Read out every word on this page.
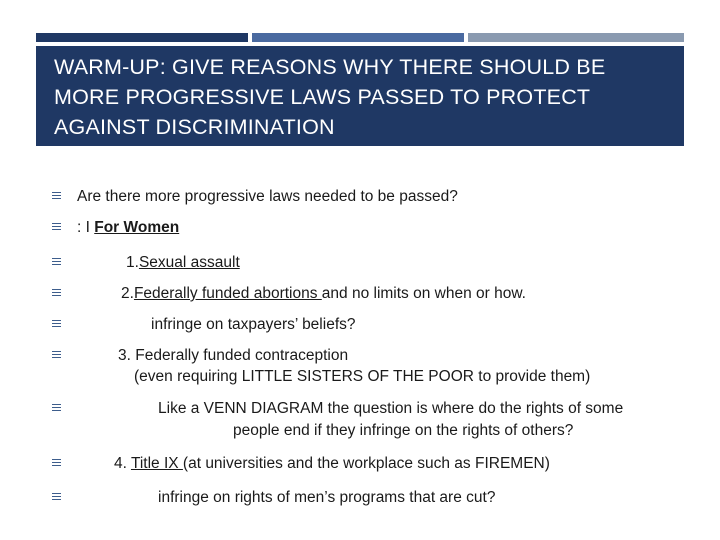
WARM-UP: GIVE REASONS WHY THERE SHOULD BE
MORE PROGRESSIVE LAWS PASSED TO PROTECT
AGAINST DISCRIMINATION
Are there more progressive laws needed to be passed?
: I For Women
1.Sexual assault
2.Federally funded abortions and no limits on when or how.
infringe on taxpayers’ beliefs?
3. Federally funded contraception
(even requiring LITTLE SISTERS OF THE POOR to provide them)
Like a VENN DIAGRAM the question is where do the rights of some
people end if they infringe on the rights of others?
4. Title IX (at universities and the workplace such as FIREMEN)
infringe on rights of men’s programs that are cut?
